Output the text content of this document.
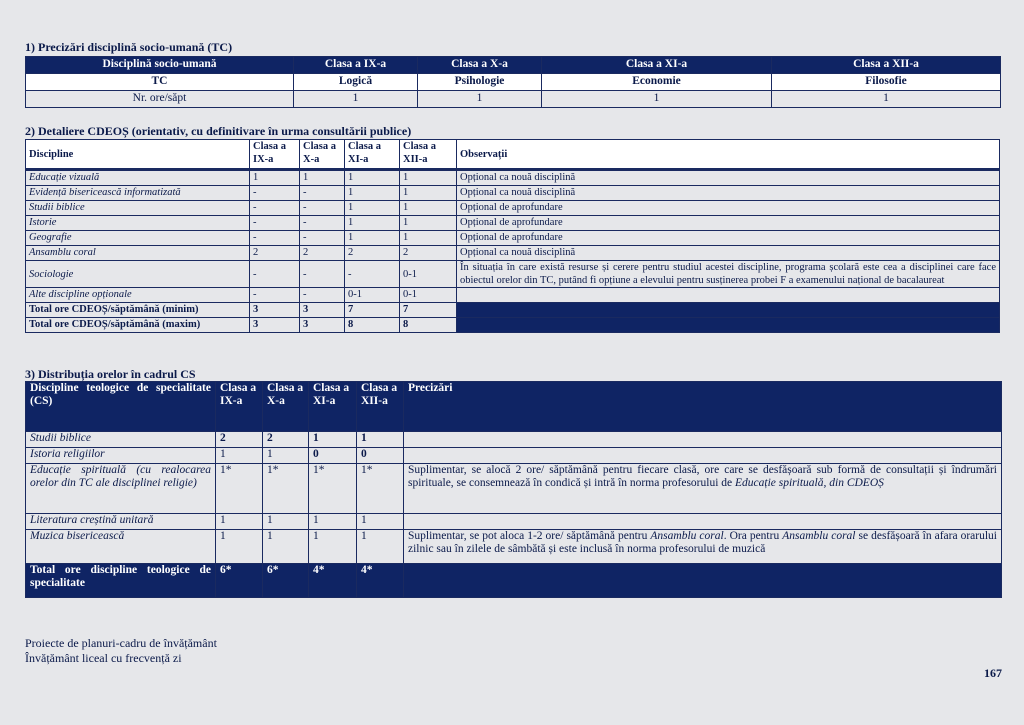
1) Precizări disciplină socio-umană (TC)
Disciplină socio-umană	Clasa a IX-a	Clasa a X-a	Clasa a XI-a	Clasa a XII-a
TC	Logică	Psihologie	Economie	Filosofie
Nr. ore/săpt	1	1	1	1
2) Detaliere CDEOȘ (orientativ, cu definitivare în urma consultării publice)
Discipline	Clasa a IX-a	Clasa a X-a	Clasa a XI-a	Clasa a XII-a	Observații
Educație vizuală	1	1	1	1	Opțional ca nouă disciplină
Evidență bisericească informatizată	-	-	1	1	Opțional ca nouă disciplină
Studii biblice	-	-	1	1	Opțional de aprofundare
Istorie	-	-	1	1	Opțional de aprofundare
Geografie	-	-	1	1	Opțional de aprofundare
Ansamblu coral	2	2	2	2	Opțional ca nouă disciplină
Sociologie	-	-	-	0-1	În situația în care există resurse și cerere pentru studiul acestei discipline, programa școlară este cea a disciplinei care face obiectul orelor din TC, putând fi opțiune a elevului pentru susținerea probei F a examenului național de bacalaureat
Alte discipline opționale	-	-	0-1	0-1	
Total ore CDEOȘ/săptămână (minim)	3	3	7	7	
Total ore CDEOȘ/săptămână (maxim)	3	3	8	8	
3) Distribuția orelor în cadrul CS
Discipline teologice de specialitate (CS)	Clasa a IX-a	Clasa a X-a	Clasa a XI-a	Clasa a XII-a	Precizări
Studii biblice	2	2	1	1	
Istoria religiilor	1	1	0	0	
Educație spirituală (cu realocarea orelor din TC ale disciplinei religie)	1*	1*	1*	1*	Suplimentar, se alocă 2 ore/ săptămână pentru fiecare clasă, ore care se desfășoară sub formă de consultații și îndrumări spirituale, se consemnează în condică și intră în norma profesorului de Educație spirituală, din CDEOȘ
Literatura creștină unitară	1	1	1	1	
Muzica bisericească	1	1	1	1	Suplimentar, se pot aloca 1-2 ore/ săptămână pentru Ansamblu coral. Ora pentru Ansamblu coral se desfășoară în afara orarului zilnic sau în zilele de sâmbătă și este inclusă în norma profesorului de muzică
Total ore discipline teologice de specialitate	6*	6*	4*	4*	
Proiecte de planuri-cadru de învățământ
Învățământ liceal cu frecvență zi
167
